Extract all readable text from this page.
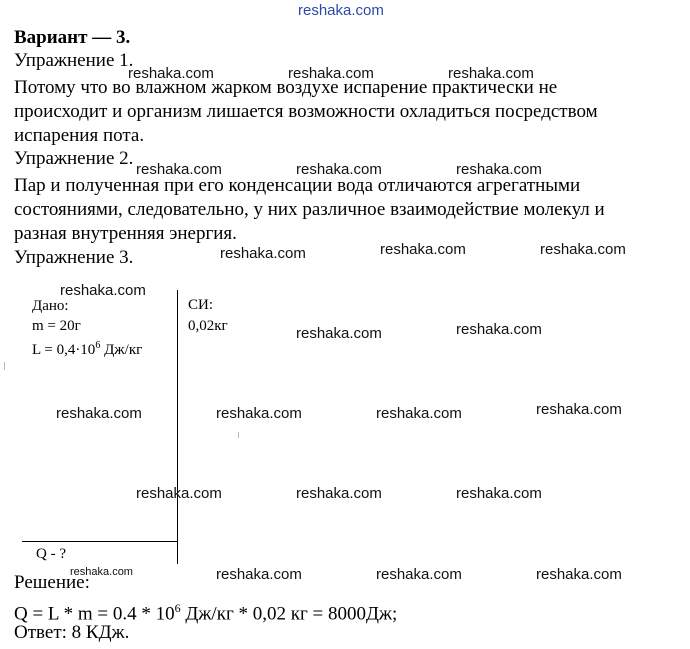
reshaka.com
Вариант — 3.
Упражнение 1.
Потому что во влажном жарком воздухе испарение практически не
происходит и организм лишается возможности охладиться посредством
испарения пота.
Упражнение 2.
Пар и полученная при его конденсации вода отличаются агрегатными
состояниями, следовательно, у них различное взаимодействие молекул и
разная внутренняя энергия.
Упражнение 3.
Дано:
m = 20г
$L = 0,4\cdot 10^6$ Дж/кг
СИ:
0,02кг
Q - ?
Решение:
$Q = L * m = 0.4 * 10^6$ Дж/кг * 0,02 кг = 8000Дж;
Ответ: 8 КДж.
reshaka.com	reshaka.com	reshaka.com
reshaka.com	reshaka.com	reshaka.com
reshaka.com	reshaka.com	reshaka.com
reshaka.com
reshaka.com	reshaka.com
reshaka.com	reshaka.com	reshaka.com	reshaka.com
reshaka.com	reshaka.com	reshaka.com
reshaka.com	reshaka.com	reshaka.com	reshaka.com
